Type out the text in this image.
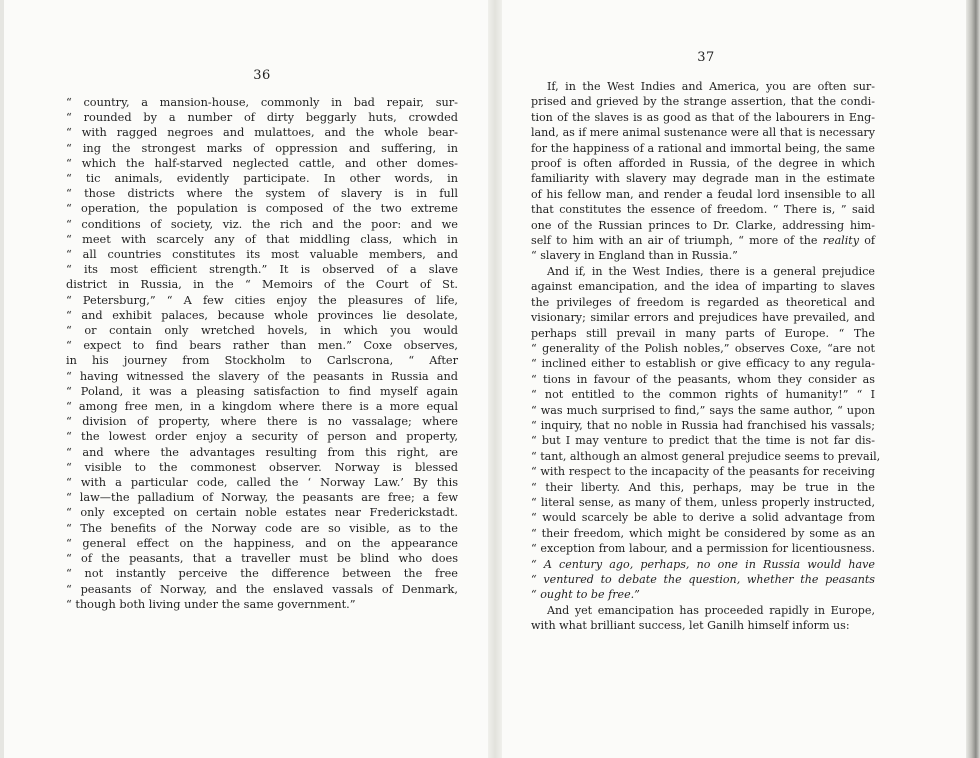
36

“ country, a mansion-house, commonly in bad repair, sur-
“ rounded by a number of dirty beggarly huts, crowded
“ with ragged negroes and mulattoes, and the whole bear-
“ ing the strongest marks of oppression and suffering, in
“ which the half-starved neglected cattle, and other domes-
“ tic animals, evidently participate. In other words, in
“ those districts where the system of slavery is in full
“ operation, the population is composed of the two extreme
“ conditions of society, viz. the rich and the poor: and we
“ meet with scarcely any of that middling class, which in
“ all countries constitutes its most valuable members, and
“ its most efficient strength.” It is observed of a slave
district in Russia, in the “ Memoirs of the Court of St.
“ Petersburg,” “ A few cities enjoy the pleasures of life,
“ and exhibit palaces, because whole provinces lie desolate,
“ or contain only wretched hovels, in which you would
“ expect to find bears rather than men.” Coxe observes,
in his journey from Stockholm to Carlscrona, “ After
“ having witnessed the slavery of the peasants in Russia and
“ Poland, it was a pleasing satisfaction to find myself again
“ among free men, in a kingdom where there is a more equal
“ division of property, where there is no vassalage; where
“ the lowest order enjoy a security of person and property,
“ and where the advantages resulting from this right, are
“ visible to the commonest observer. Norway is blessed
“ with a particular code, called the ‘ Norway Law.’ By this
“ law—the palladium of Norway, the peasants are free; a few
“ only excepted on certain noble estates near Frederickstadt.
“ The benefits of the Norway code are so visible, as to the
“ general effect on the happiness, and on the appearance
“ of the peasants, that a traveller must be blind who does
“ not instantly perceive the difference between the free
“ peasants of Norway, and the enslaved vassals of Denmark,
“ though both living under the same government.”

37

If, in the West Indies and America, you are often sur-
prised and grieved by the strange assertion, that the condi-
tion of the slaves is as good as that of the labourers in Eng-
land, as if mere animal sustenance were all that is necessary
for the happiness of a rational and immortal being, the same
proof is often afforded in Russia, of the degree in which
familiarity with slavery may degrade man in the estimate
of his fellow man, and render a feudal lord insensible to all
that constitutes the essence of freedom. “ There is, ” said
one of the Russian princes to Dr. Clarke, addressing him-
self to him with an air of triumph, “ more of the reality of
“ slavery in England than in Russia.”

And if, in the West Indies, there is a general prejudice
against emancipation, and the idea of imparting to slaves
the privileges of freedom is regarded as theoretical and
visionary; similar errors and prejudices have prevailed, and
perhaps still prevail in many parts of Europe. “ The
“ generality of the Polish nobles,” observes Coxe, “are not
“ inclined either to establish or give efficacy to any regula-
“ tions in favour of the peasants, whom they consider as
“ not entitled to the common rights of humanity!” “ I
“ was much surprised to find,” says the same author, “ upon
“ inquiry, that no noble in Russia had franchised his vassals;
“ but I may venture to predict that the time is not far dis-
“ tant, although an almost general prejudice seems to prevail,
“ with respect to the incapacity of the peasants for receiving
“ their liberty. And this, perhaps, may be true in the
“ literal sense, as many of them, unless properly instructed,
“ would scarcely be able to derive a solid advantage from
“ their freedom, which might be considered by some as an
“ exception from labour, and a permission for licentiousness.
“ A century ago, perhaps, no one in Russia would have
“ ventured to debate the question, whether the peasants
“ ought to be free.”

And yet emancipation has proceeded rapidly in Europe,
with what brilliant success, let Ganilh himself inform us:
